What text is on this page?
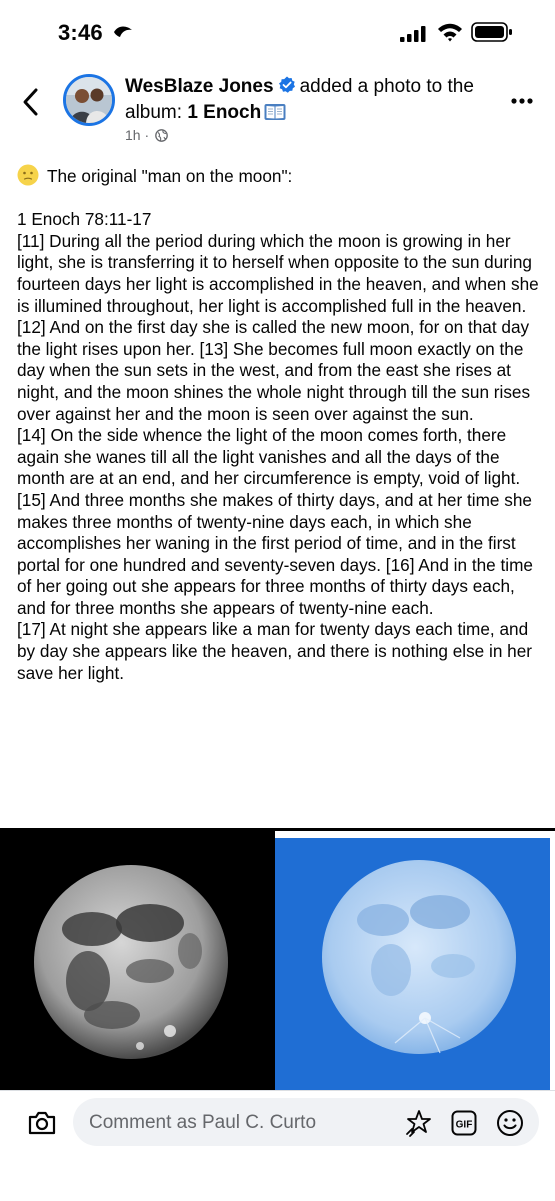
3:46
WesBlaze Jones added a photo to the album: 1 Enoch
1h ·
The original "man on the moon":

1 Enoch 78:11-17
[11] During all the period during which the moon is growing in her light, she is transferring it to herself when opposite to the sun during fourteen days her light is accomplished in the heaven, and when she is illumined throughout, her light is accomplished full in the heaven.
[12] And on the first day she is called the new moon, for on that day the light rises upon her. [13] She becomes full moon exactly on the day when the sun sets in the west, and from the east she rises at night, and the moon shines the whole night through till the sun rises over against her and the moon is seen over against the sun.
[14] On the side whence the light of the moon comes forth, there again she wanes till all the light vanishes and all the days of the month are at an end, and her circumference is empty, void of light.
[15] And three months she makes of thirty days, and at her time she makes three months of twenty-nine days each, in which she accomplishes her waning in the first period of time, and in the first portal for one hundred and seventy-seven days. [16] And in the time of her going out she appears for three months of thirty days each, and for three months she appears of twenty-nine each.
[17] At night she appears like a man for twenty days each time, and by day she appears like the heaven, and there is nothing else in her save her light.
Comment as Paul C. Curto	GIF
